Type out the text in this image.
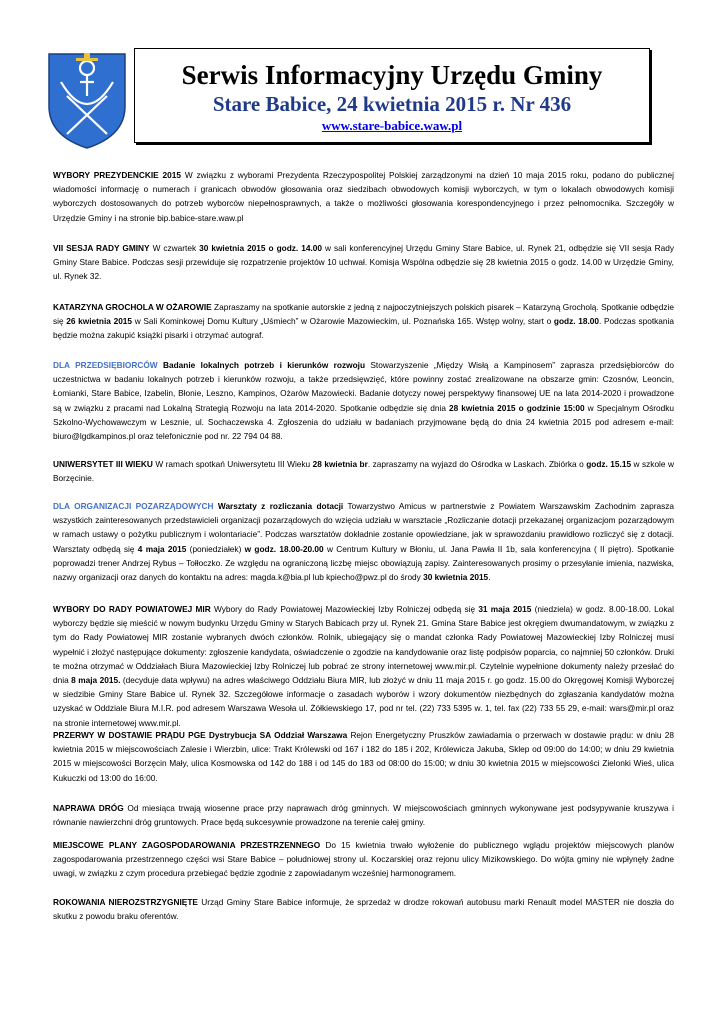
Serwis Informacyjny Urzędu Gminy
Stare Babice, 24 kwietnia 2015 r. Nr 436
www.stare-babice.waw.pl
WYBORY PREZYDENCKIE 2015 W związku z wyborami Prezydenta Rzeczypospolitej Polskiej zarządzonymi na dzień 10 maja 2015 roku, podano do publicznej wiadomości informację o numerach i granicach obwodów głosowania oraz siedzibach obwodowych komisji wyborczych, w tym o lokalach obwodowych komisji wyborczych dostosowanych do potrzeb wyborców niepełnosprawnych, a także o możliwości głosowania korespondencyjnego i przez pełnomocnika. Szczegóły w Urzędzie Gminy i na stronie bip.babice-stare.waw.pl
VII SESJA RADY GMINY W czwartek 30 kwietnia 2015 o godz. 14.00 w sali konferencyjnej Urzędu Gminy Stare Babice, ul. Rynek 21, odbędzie się VII sesja Rady Gminy Stare Babice. Podczas sesji przewiduje się rozpatrzenie projektów 10 uchwał. Komisja Wspólna odbędzie się 28 kwietnia 2015 o godz. 14.00 w Urzędzie Gminy, ul. Rynek 32.
KATARZYNA GROCHOLA W OŻAROWIE Zapraszamy na spotkanie autorskie z jedną z najpoczytniejszych polskich pisarek – Katarzyną Grocholą. Spotkanie odbędzie się 26 kwietnia 2015 w Sali Kominkowej Domu Kultury „Uśmiech” w Ożarowie Mazowieckim, ul. Poznańska 165. Wstęp wolny, start o godz. 18.00. Podczas spotkania będzie można zakupić książki pisarki i otrzymać autograf.
DLA PRZEDSIĘBIORCÓW Badanie lokalnych potrzeb i kierunków rozwoju Stowarzyszenie „Między Wisłą a Kampinosem” zaprasza przedsiębiorców do uczestnictwa w badaniu lokalnych potrzeb i kierunków rozwoju, a także przedsięwzięć, które powinny zostać zrealizowane na obszarze gmin: Czosnów, Leoncin, Łomianki, Stare Babice, Izabelin, Błonie, Leszno, Kampinos, Ożarów Mazowiecki. Badanie dotyczy nowej perspektywy finansowej UE na lata 2014-2020 i prowadzone są w związku z pracami nad Lokalną Strategią Rozwoju na lata 2014-2020. Spotkanie odbędzie się dnia 28 kwietnia 2015 o godzinie 15:00 w Specjalnym Ośrodku Szkolno-Wychowawczym w Lesznie, ul. Sochaczewska 4. Zgłoszenia do udziału w badaniach przyjmowane będą do dnia 24 kwietnia 2015 pod adresem e-mail: biuro@lgdkampinos.pl oraz telefonicznie pod nr. 22 794 04 88.
UNIWERSYTET III WIEKU W ramach spotkań Uniwersytetu III Wieku 28 kwietnia br. zapraszamy na wyjazd do Ośrodka w Laskach. Zbiórka o godz. 15.15 w szkole w Borzęcinie.
DLA ORGANIZACJI POZARZĄDOWYCH Warsztaty z rozliczania dotacji Towarzystwo Amicus w partnerstwie z Powiatem Warszawskim Zachodnim zaprasza wszystkich zainteresowanych przedstawicieli organizacji pozarządowych do wzięcia udziału w warsztacie „Rozliczanie dotacji przekazanej organizacjom pozarządowym w ramach ustawy o pożytku publicznym i wolontariacie”. Podczas warsztatów dokładnie zostanie opowiedziane, jak w sprawozdaniu prawidłowo rozliczyć się z dotacji. Warsztaty odbędą się 4 maja 2015 (poniedziałek) w godz. 18.00-20.00 w Centrum Kultury w Błoniu, ul. Jana Pawła II 1b, sala konferencyjna ( II piętro). Spotkanie poprowadzi trener Andrzej Rybus – Tołłoczko. Ze względu na ograniczoną liczbę miejsc obowiązują zapisy. Zainteresowanych prosimy o przesyłanie imienia, nazwiska, nazwy organizacji oraz danych do kontaktu na adres: magda.k@bia.pl lub kpiecho@pwz.pl do środy 30 kwietnia 2015.
WYBORY DO RADY POWIATOWEJ MIR Wybory do Rady Powiatowej Mazowieckiej Izby Rolniczej odbędą się 31 maja 2015 (niedziela) w godz. 8.00-18.00. Lokal wyborczy będzie się mieścić w nowym budynku Urzędu Gminy w Starych Babicach przy ul. Rynek 21. Gmina Stare Babice jest okręgiem dwumandatowym, w związku z tym do Rady Powiatowej MIR zostanie wybranych dwóch członków. Rolnik, ubiegający się o mandat członka Rady Powiatowej Mazowieckiej Izby Rolniczej musi wypełnić i złożyć następujące dokumenty: zgłoszenie kandydata, oświadczenie o zgodzie na kandydowanie oraz listę podpisów poparcia, co najmniej 50 członków. Druki te można otrzymać w Oddziałach Biura Mazowieckiej Izby Rolniczej lub pobrać ze strony internetowej www.mir.pl. Czytelnie wypełnione dokumenty należy przesłać do dnia 8 maja 2015. (decyduje data wpływu) na adres właściwego Oddziału Biura MIR, lub złożyć w dniu 11 maja 2015 r. go godz. 15.00 do Okręgowej Komisji Wyborczej w siedzibie Gminy Stare Babice ul. Rynek 32. Szczegółowe informacje o zasadach wyborów i wzory dokumentów niezbędnych do zgłaszania kandydatów można uzyskać w Oddziale Biura M.I.R. pod adresem Warszawa Wesoła ul. Żółkiewskiego 17, pod nr tel. (22) 733 5395 w. 1, tel. fax (22) 733 55 29, e-mail: wars@mir.pl oraz na stronie internetowej www.mir.pl.
PRZERWY W DOSTAWIE PRĄDU PGE Dystrybucja SA Oddział Warszawa Rejon Energetyczny Pruszków zawiadamia o przerwach w dostawie prądu: w dniu 28 kwietnia 2015 w miejscowościach Zalesie i Wierzbin, ulice: Trakt Królewski od 167 i 182 do 185 i 202, Królewicza Jakuba, Sklep od 09:00 do 14:00; w dniu 29 kwietnia 2015 w miejscowości Borzęcin Mały, ulica Kosmowska od 142 do 188 i od 145 do 183 od 08:00 do 15:00; w dniu 30 kwietnia 2015 w miejscowości Zielonki Wieś, ulica Kukuczki od 13:00 do 16:00.
NAPRAWA DRÓG Od miesiąca trwają wiosenne prace przy naprawach dróg gminnych. W miejscowościach gminnych wykonywane jest podsypywanie kruszywa i równanie nawierzchni dróg gruntowych. Prace będą sukcesywnie prowadzone na terenie całej gminy.
MIEJSCOWE PLANY ZAGOSPODAROWANIA PRZESTRZENNEGO Do 15 kwietnia trwało wyłożenie do publicznego wglądu projektów miejscowych planów zagospodarowania przestrzennego części wsi Stare Babice – południowej strony ul. Koczarskiej oraz rejonu ulicy Mizikowskiego. Do wójta gminy nie wpłynęły żadne uwagi, w związku z czym procedura przebiegać będzie zgodnie z zapowiadanym wcześniej harmonogramem.
ROKOWANIA NIEROZSTRZYGNIĘTE Urząd Gminy Stare Babice informuje, że sprzedaż w drodze rokowań autobusu marki Renault model MASTER nie doszła do skutku z powodu braku oferentów.
